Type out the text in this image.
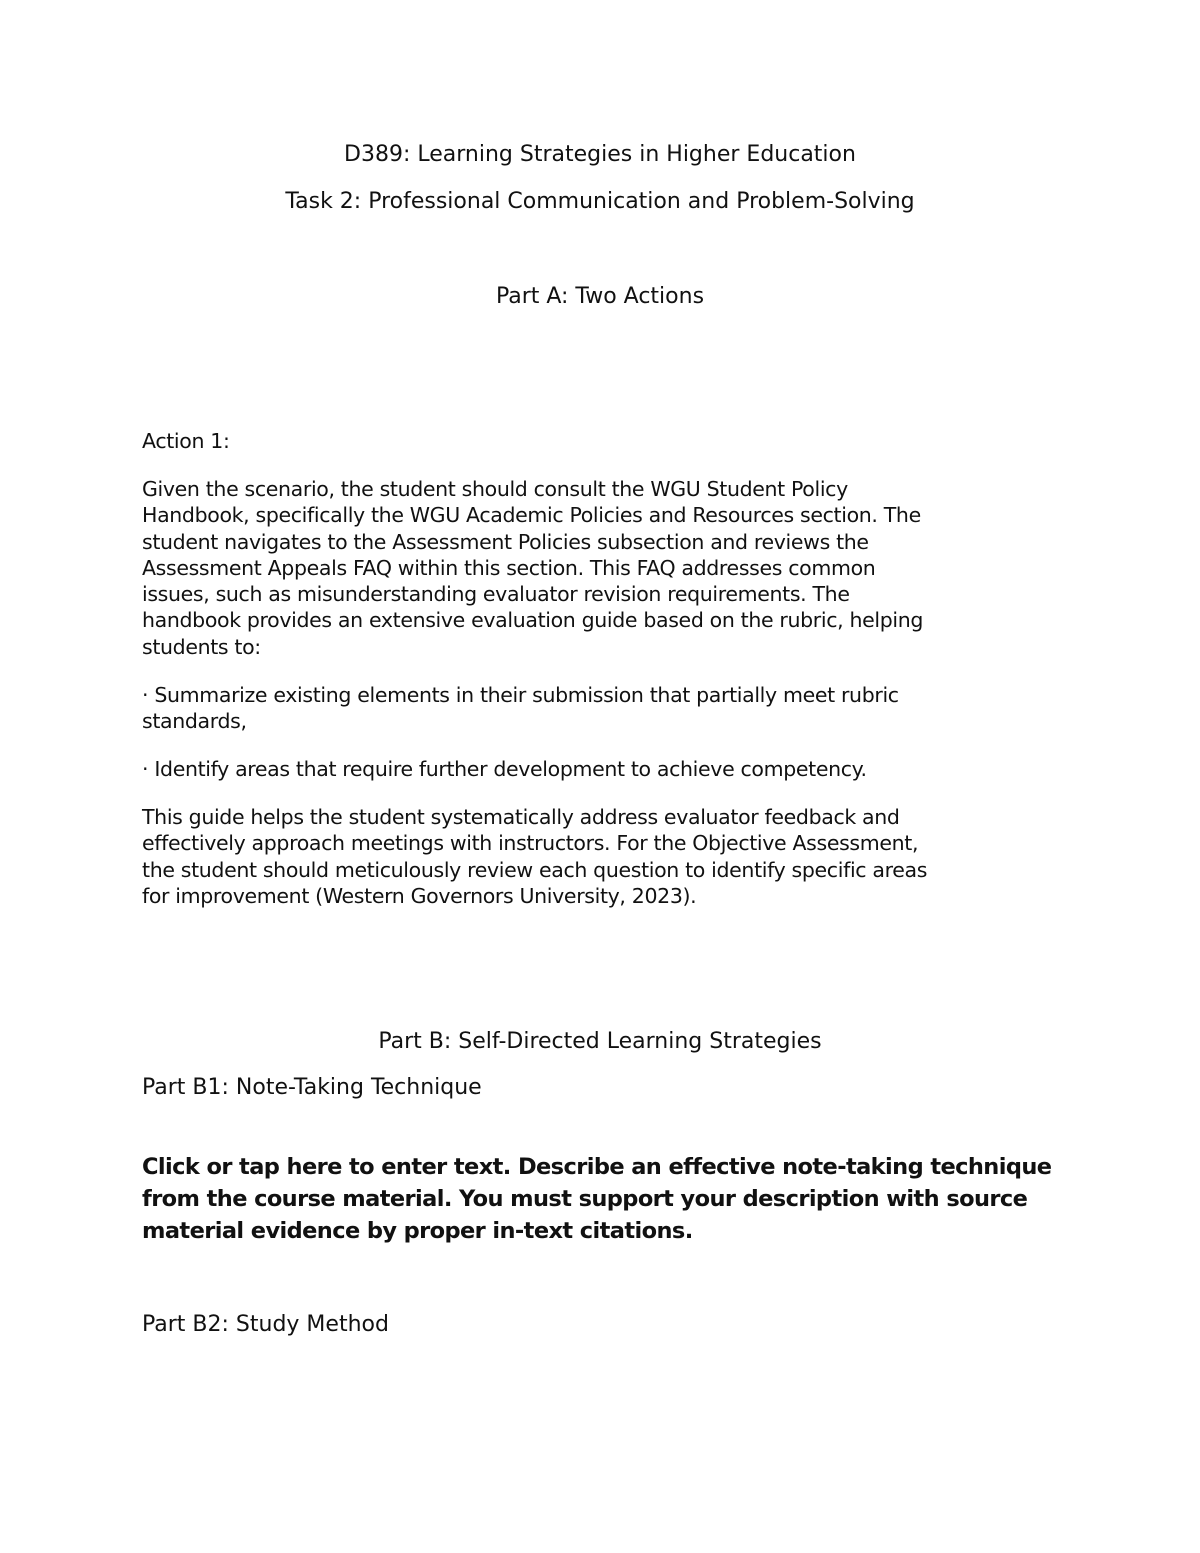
D389: Learning Strategies in Higher Education
Task 2: Professional Communication and Problem-Solving
Part A: Two Actions
Action 1:
Given the scenario, the student should consult the WGU Student Policy
Handbook, specifically the WGU Academic Policies and Resources section. The
student navigates to the Assessment Policies subsection and reviews the
Assessment Appeals FAQ within this section. This FAQ addresses common
issues, such as misunderstanding evaluator revision requirements. The
handbook provides an extensive evaluation guide based on the rubric, helping
students to:
· Summarize existing elements in their submission that partially meet rubric
standards,
· Identify areas that require further development to achieve competency.
This guide helps the student systematically address evaluator feedback and
effectively approach meetings with instructors. For the Objective Assessment,
the student should meticulously review each question to identify specific areas
for improvement (Western Governors University, 2023).
Part B: Self-Directed Learning Strategies
Part B1: Note-Taking Technique
Click or tap here to enter text. Describe an effective note-taking technique
from the course material. You must support your description with source
material evidence by proper in-text citations.
Part B2: Study Method
